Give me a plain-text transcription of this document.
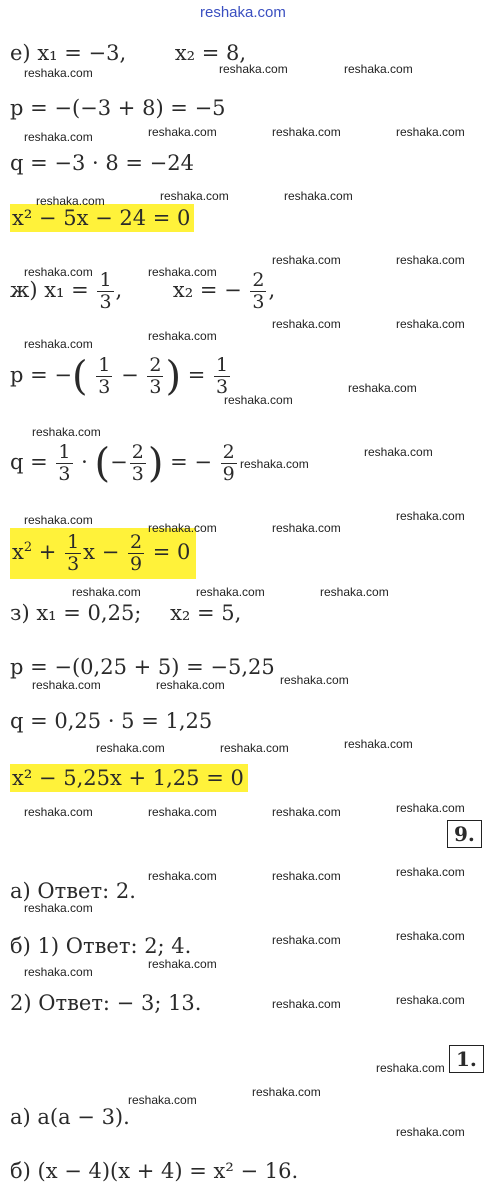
reshaka.com
е) x₁ = −3, x₂ = 8,
p = −(−3 + 8) = −5
q = −3 · 8 = −24
x² − 5x − 24 = 0
ж) $x_1 = \frac{1}{3}$ , x₂ = − $\frac{2}{3}$ ,
p = −( $\frac{1}{3} - \frac{2}{3}$ ) = $\frac{1}{3}$
$q = \frac{1}{3}$ · (− $\frac{2}{3}$ ) = − $\frac{2}{9}$
$x^2 + \frac{1}{3}$ $x - \frac{2}{9} = 0$
з) x₁ = 0,25; x₂ = 5,
p = −(0,25 + 5) = −5,25
q = 0,25 · 5 = 1,25
x² − 5,25x + 1,25 = 0
9.
а) Ответ: 2.
б) 1) Ответ: 2; 4.
2) Ответ: − 3; 13.
1.
а) a(a − 3).
б) (x − 4)(x + 4) = x² − 16.
reshaka.com	reshaka.com	reshaka.com
reshaka.com	reshaka.com	reshaka.com	reshaka.com
reshaka.com	reshaka.com	reshaka.com
reshaka.com	reshaka.com
reshaka.com	reshaka.com
reshaka.com
reshaka.com
reshaka.com	reshaka.com
reshaka.com
reshaka.com
reshaka.com
reshaka.com
reshaka.com
reshaka.com
reshaka.com	reshaka.com
reshaka.com
reshaka.com	reshaka.com	reshaka.com
reshaka.com	reshaka.com	reshaka.com
reshaka.com	reshaka.com	reshaka.com
reshaka.com	reshaka.com	reshaka.com	reshaka.com
reshaka.com	reshaka.com	reshaka.com
reshaka.com
reshaka.com	reshaka.com
reshaka.com
reshaka.com
reshaka.com	reshaka.com
reshaka.com
reshaka.com
reshaka.com
reshaka.com
